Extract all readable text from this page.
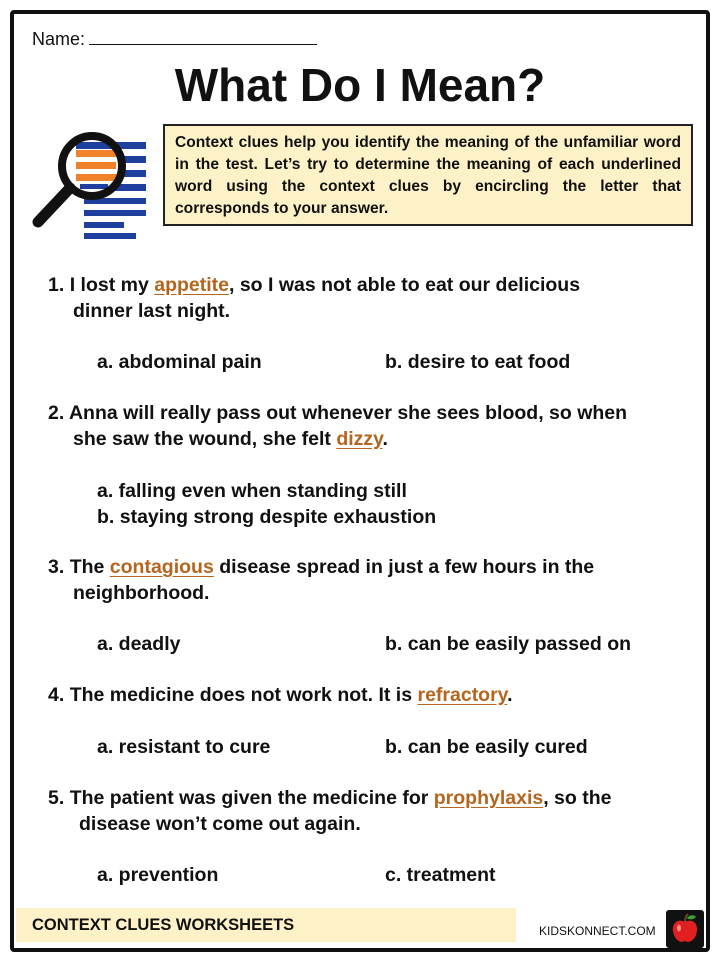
Name:
What Do I Mean?
Context clues help you identify the meaning of the unfamiliar word in the test. Let’s try to determine the meaning of each underlined word using the context clues by encircling the letter that corresponds to your answer.
1. I lost my appetite, so I was not able to eat our delicious
dinner last night.
a. abdominal pain	b. desire to eat food
2. Anna will really pass out whenever she sees blood, so when
she saw the wound, she felt dizzy.
a. falling even when standing still
b. staying strong despite exhaustion
3. The contagious disease spread in just a few hours in the
neighborhood.
a. deadly	b. can be easily passed on
4. The medicine does not work not. It is refractory.
a. resistant to cure	b. can be easily cured
5. The patient was given the medicine for prophylaxis, so the
disease won’t come out again.
a. prevention	c. treatment
CONTEXT CLUES WORKSHEETS	KIDSKONNECT.COM
